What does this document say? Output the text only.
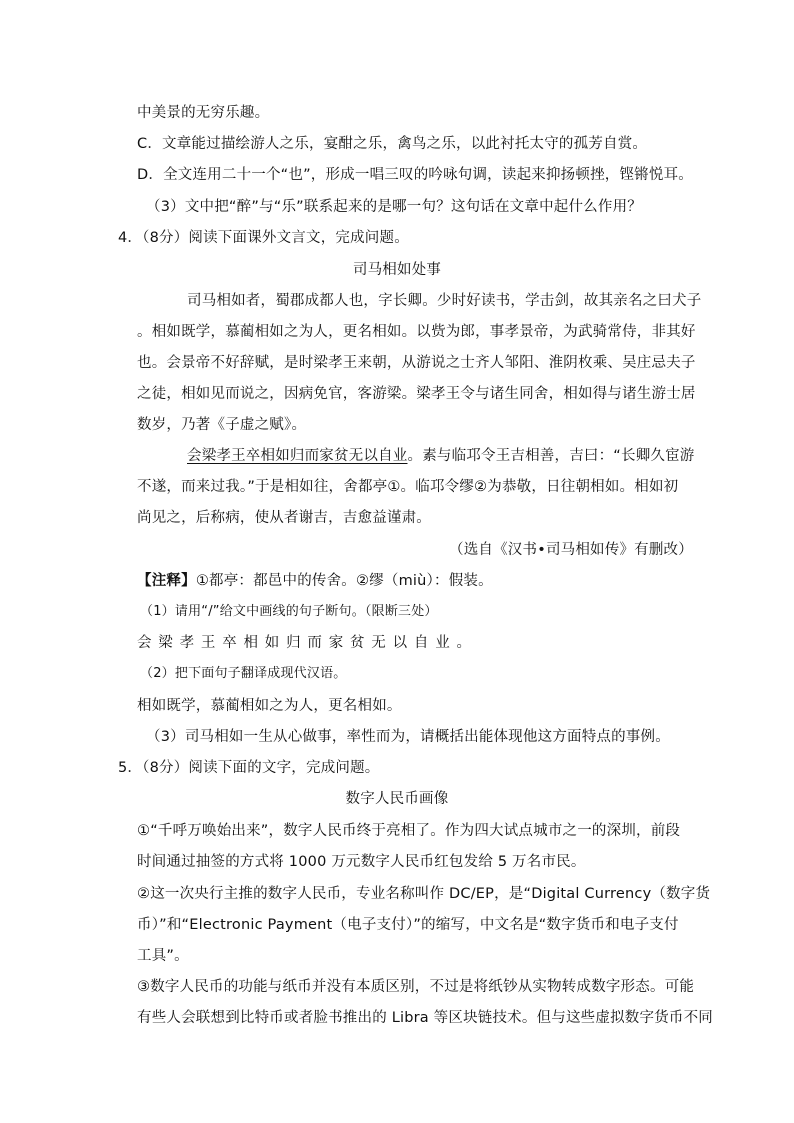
中美景的无穷乐趣。
C．文章能过描绘游人之乐，宴酣之乐，禽鸟之乐，以此衬托太守的孤芳自赏。
D．全文连用二十一个“也”，形成一唱三叹的吟咏句调，读起来抑扬顿挫，铿锵悦耳。
（3）文中把“醉”与“乐”联系起来的是哪一句？这句话在文章中起什么作用？
4．（8分）阅读下面课外文言文，完成问题。
司马相如处事
司马相如者，蜀郡成都人也，字长卿。少时好读书，学击剑，故其亲名之曰犬子
。相如既学，慕蔺相如之为人，更名相如。以赀为郎，事孝景帝，为武骑常侍，非其好
也。会景帝不好辞赋，是时梁孝王来朝，从游说之士齐人邹阳、淮阴枚乘、吴庄忌夫子
之徒，相如见而说之，因病免官，客游梁。梁孝王令与诸生同舍，相如得与诸生游士居
数岁，乃著《子虚之赋》。
会梁孝王卒相如归而家贫无以自业。素与临邛令王吉相善，吉曰：“长卿久宦游
不遂，而来过我。”于是相如往，舍都亭①。临邛令缪②为恭敬，日往朝相如。相如初
尚见之，后称病，使从者谢吉，吉愈益谨肃。
（选自《汉书•司马相如传》有删改）
【注释】①都亭：都邑中的传舍。②缪（miù）：假装。
（1）请用“/”给文中画线的句子断句。（限断三处）
会梁孝王卒相如归而家贫无以自业。
（2）把下面句子翻译成现代汉语。
相如既学，慕蔺相如之为人，更名相如。
（3）司马相如一生从心做事，率性而为，请概括出能体现他这方面特点的事例。
5．（8分）阅读下面的文字，完成问题。
数字人民币画像
①“千呼万唤始出来”，数字人民币终于亮相了。作为四大试点城市之一的深圳，前段
时间通过抽签的方式将 1000 万元数字人民币红包发给 5 万名市民。
②这一次央行主推的数字人民币，专业名称叫作 DC/EP，是“Digital Currency（数字货
币）”和“Electronic Payment（电子支付）”的缩写，中文名是“数字货币和电子支付
工具”。
③数字人民币的功能与纸币并没有本质区别，不过是将纸钞从实物转成数字形态。可能
有些人会联想到比特币或者脸书推出的 Libra 等区块链技术。但与这些虚拟数字货币不同
